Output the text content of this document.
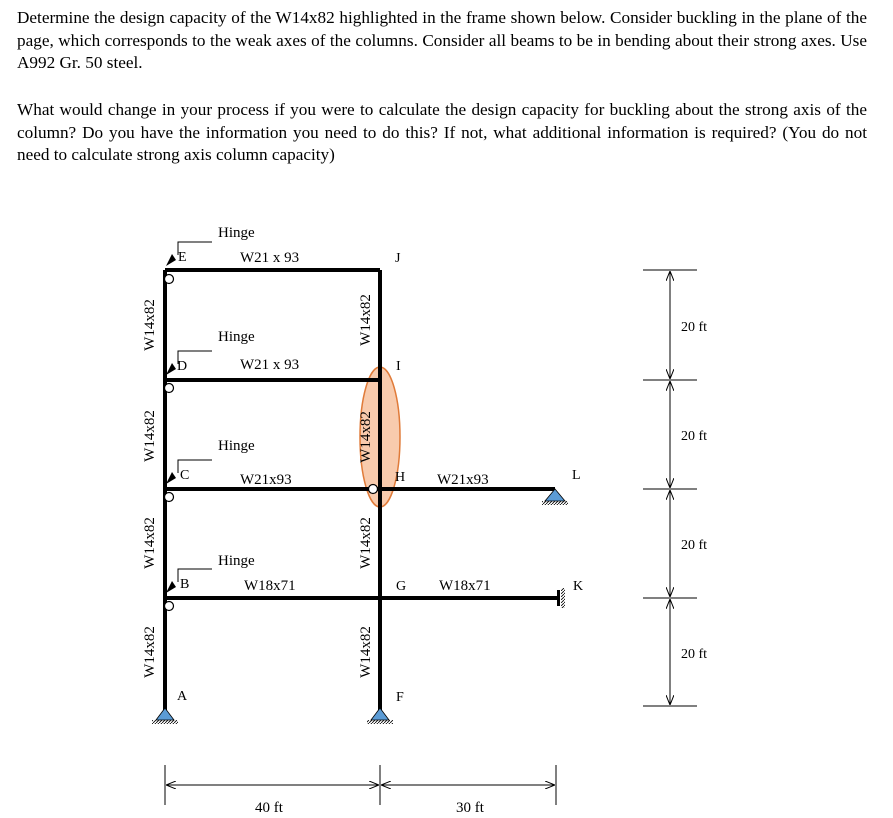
Determine the design capacity of the W14x82 highlighted in the frame shown below. Consider buckling in the plane of the page, which corresponds to the weak axes of the columns. Consider all beams to be in bending about their strong axes. Use A992 Gr. 50 steel.
What would change in your process if you were to calculate the design capacity for buckling about the strong axis of the column? Do you have the information you need to do this? If not, what additional information is required? (You do not need to calculate strong axis column capacity)
Hinge
Hinge
Hinge
Hinge
E
D
C
B
A
J
I
H
G
F
L
K
W21 x 93
W21 x 93
W21x93	W21x93
W18x71	W18x71
W14x82
W14x82
W14x82
W14x82
W14x82
W14x82
W14x82
W14x82
20 ft
20 ft
20 ft
20 ft
40 ft	30 ft
